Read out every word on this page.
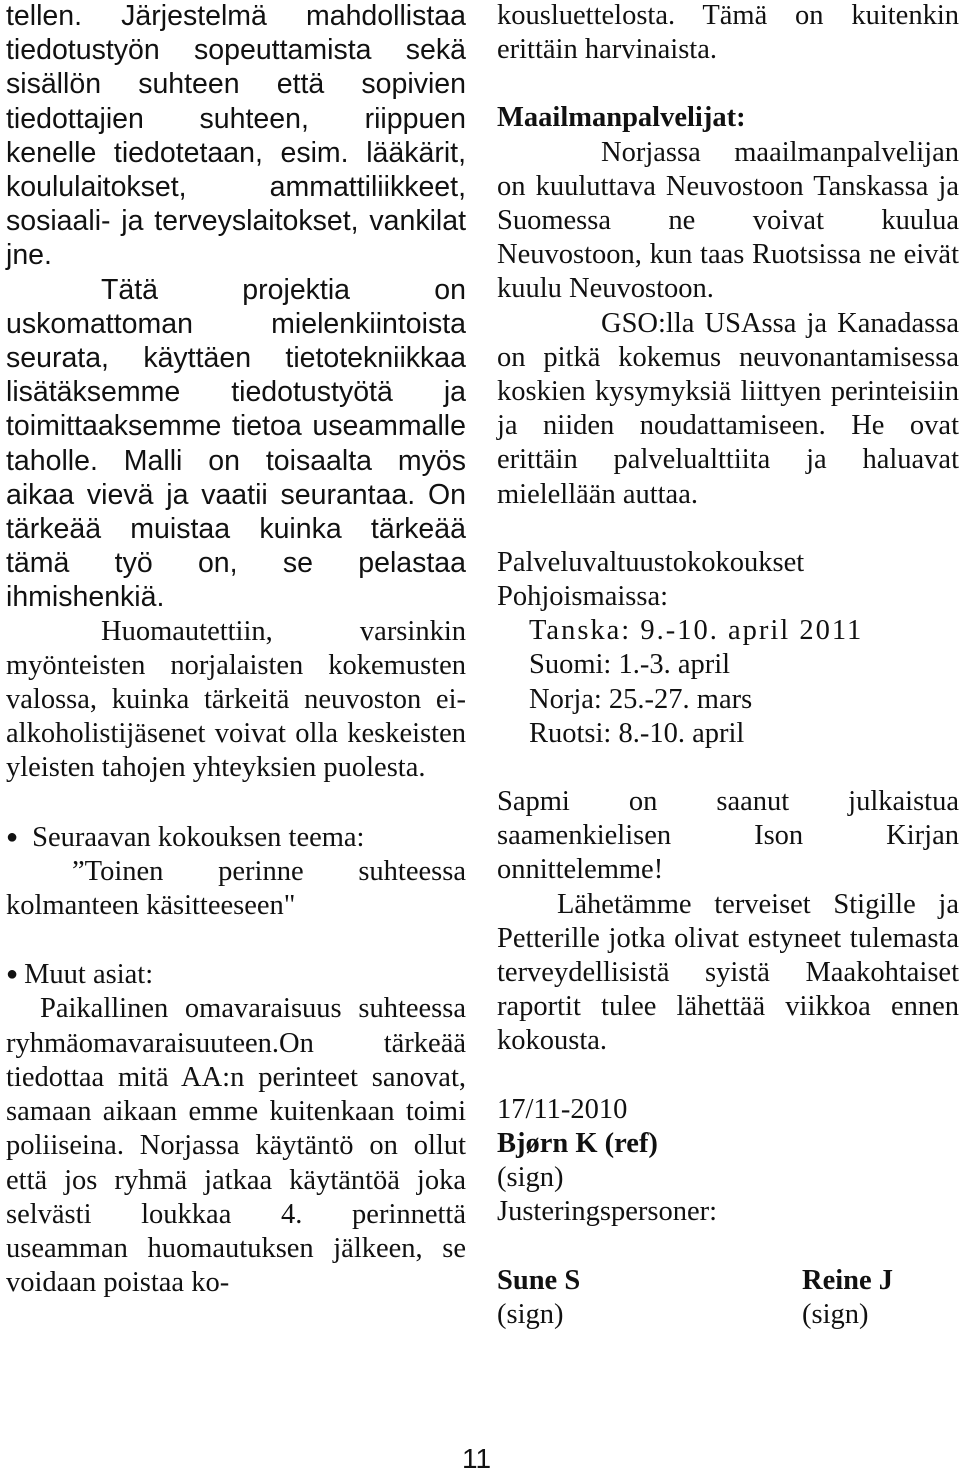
tellen. Järjestelmä mahdollistaa tiedotustyön sopeuttamista sekä sisällön suhteen että sopivien tiedottajien suhteen, riippuen kenelle tiedotetaan, esim. lääkärit, koululaitokset, ammattiliikkeet, sosiaali- ja terveyslaitokset, vankilat jne.

Tätä projektia on uskomattoman mielenkiintoista seurata, käyttäen tietotekniikkaa lisätäksemme tiedotustyötä ja toimittaaksemme tietoa useammalle taholle. Malli on toisaalta myös aikaa vievä ja vaatii seurantaa. On tärkeää muistaa kuinka tärkeää tämä työ on, se pelastaa ihmishenkiä.

Huomautettiin, varsinkin myönteisten norjalaisten kokemusten valossa, kuinka tärkeitä neuvoston ei-alkoholistijäsenet voivat olla keskeisten yleisten tahojen yhteyksien puolesta.

● Seuraavan kokouksen teema:

”Toinen perinne suhteessa kolmanteen käsitteeseen"

● Muut asiat:

Paikallinen omavaraisuus suhteessa ryhmäomavaraisuuteen.On tärkeää tiedottaa mitä AA:n perinteet sanovat, samaan aikaan emme kuitenkaan toimi poliiseina. Norjassa käytäntö on ollut että jos ryhmä jatkaa käytäntöä joka selvästi loukkaa 4. perinnettä useamman huomautuksen jälkeen, se voidaan poistaa ko-

kousluettelosta. Tämä on kuitenkin erittäin harvinaista.

Maailmanpalvelijat:

Norjassa maailmanpalvelijan on kuuluttava Neuvostoon Tanskassa ja Suomessa ne voivat kuulua Neuvostoon, kun taas Ruotsissa ne eivät kuulu Neuvostoon.

GSO:lla USAssa ja Kanadassa on pitkä kokemus neuvonantamisessa koskien kysymyksiä liittyen perinteisiin ja niiden noudattamiseen. He ovat erittäin palvelualttiita ja haluavat mielellään auttaa.

Palveluvaltuustokokoukset Pohjoismaissa:

Tanska: 9.-10. april 2011
Suomi: 1.-3. april
Norja: 25.-27. mars
Ruotsi: 8.-10. april

Sapmi on saanut julkaistua saamenkielisen Ison Kirjan onnittelemme!

Lähetämme terveiset Stigille ja Petterille jotka olivat estyneet tulemasta terveydellisistä syistä Maakohtaiset raportit tulee lähettää viikkoa ennen kokousta.

17/11-2010

Bjørn K (ref)

(sign)

Justeringspersoner:

Sune S
(sign)
Reine J
(sign)
11
